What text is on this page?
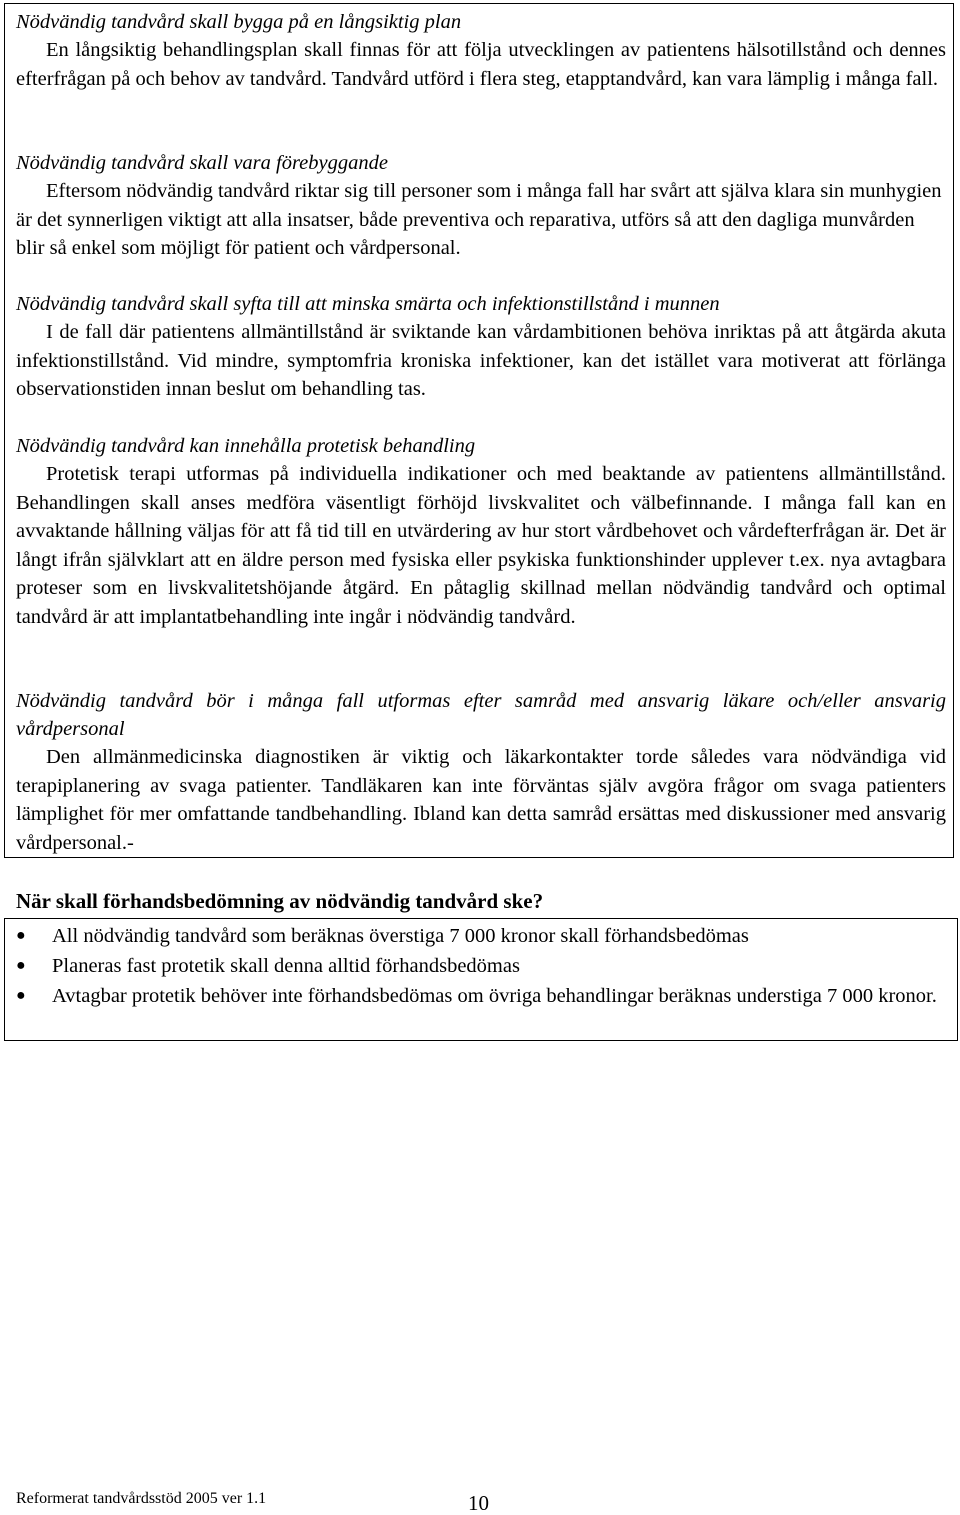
Nödvändig tandvård skall bygga på en långsiktig plan
En långsiktig behandlingsplan skall finnas för att följa utvecklingen av patientens hälsotillstånd och dennes efterfrågan på och behov av tandvård. Tandvård utförd i flera steg, etapptandvård, kan vara lämplig i många fall.
Nödvändig tandvård skall vara förebyggande
Eftersom nödvändig tandvård riktar sig till personer som i många fall har svårt att själva klara sin munhygien är det synnerligen viktigt att alla insatser, både preventiva och reparativa, utförs så att den dagliga munvården blir så enkel som möjligt för patient och vårdpersonal.
Nödvändig tandvård skall syfta till att minska smärta och infektionstillstånd i munnen
I de fall där patientens allmäntillstånd är sviktande kan vårdambitionen behöva inriktas på att åtgärda akuta infektionstillstånd. Vid mindre, symptomfria kroniska infektioner, kan det istället vara motiverat att förlänga observationstiden innan beslut om behandling tas.
Nödvändig tandvård kan innehålla protetisk behandling
Protetisk terapi utformas på individuella indikationer och med beaktande av patientens allmäntillstånd. Behandlingen skall anses medföra väsentligt förhöjd livskvalitet och välbefinnande. I många fall kan en avvaktande hållning väljas för att få tid till en utvärdering av hur stort vårdbehovet och vårdefterfrågan är. Det är långt ifrån självklart att en äldre person med fysiska eller psykiska funktionshinder upplever t.ex. nya avtagbara proteser som en livskvalitetshöjande åtgärd. En påtaglig skillnad mellan nödvändig tandvård och optimal tandvård är att implantatbehandling inte ingår i nödvändig tandvård.
Nödvändig tandvård bör i många fall utformas efter samråd med ansvarig läkare och/eller ansvarig vårdpersonal
Den allmänmedicinska diagnostiken är viktig och läkarkontakter torde således vara nödvändiga vid terapiplanering av svaga patienter. Tandläkaren kan inte förväntas själv avgöra frågor om svaga patienters lämplighet för mer omfattande tandbehandling. Ibland kan detta samråd ersättas med diskussioner med ansvarig vårdpersonal.-
När skall förhandsbedömning av nödvändig tandvård ske?
● All nödvändig tandvård som beräknas överstiga 7 000 kronor skall förhandsbedömas
● Planeras fast protetik skall denna alltid förhandsbedömas
● Avtagbar protetik behöver inte förhandsbedömas om övriga behandlingar beräknas understiga 7 000 kronor.
Reformerat tandvårdsstöd 2005 ver 1.1	10
